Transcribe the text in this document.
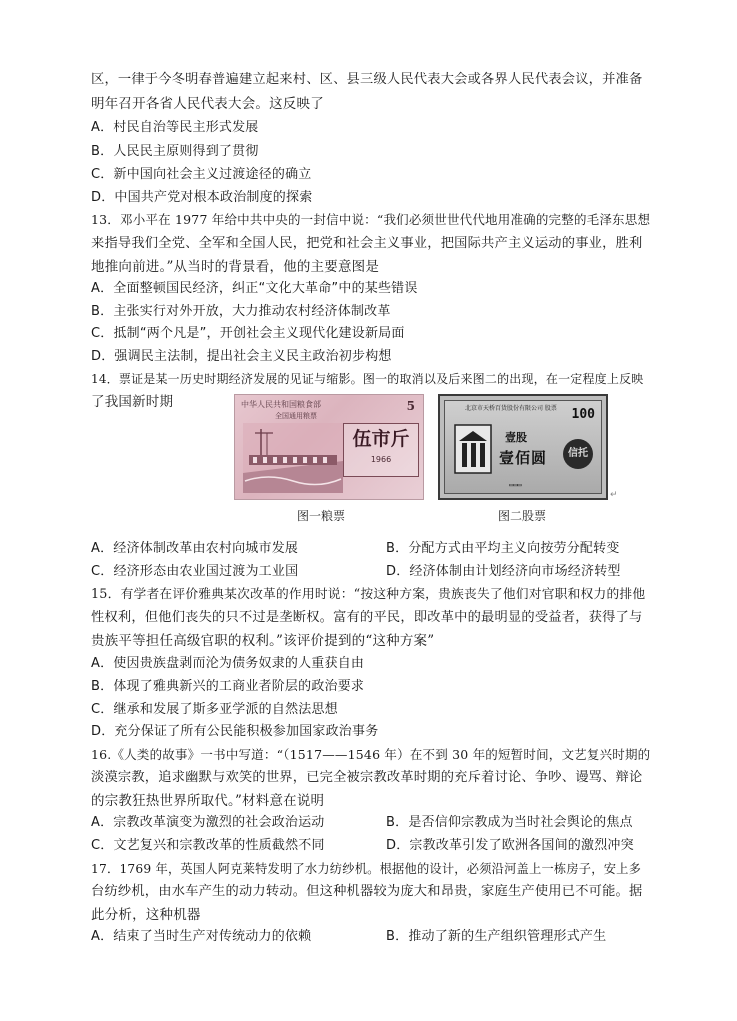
区，一律于今冬明春普遍建立起来村、区、县三级人民代表大会或各界人民代表会议，并准备
明年召开各省人民代表大会。这反映了
A．村民自治等民主形式发展
B．人民民主原则得到了贯彻
C．新中国向社会主义过渡途径的确立
D．中国共产党对根本政治制度的探索
13．邓小平在 1977 年给中共中央的一封信中说：“我们必须世世代代地用准确的完整的毛泽东思想
来指导我们全党、全军和全国人民，把党和社会主义事业，把国际共产主义运动的事业，胜利
地推向前进。”从当时的背景看，他的主要意图是
A．全面整顿国民经济，纠正“文化大革命”中的某些错误
B．主张实行对外开放，大力推动农村经济体制改革
C．抵制“两个凡是”，开创社会主义现代化建设新局面
D．强调民主法制，提出社会主义民主政治初步构想
14．票证是某一历史时期经济发展的见证与缩影。图一的取消以及后来图二的出现，在一定程度上反映
了我国新时期	中华人民共和国粮食部
全国通用粮票
5
伍市斤
1966
北京市天桥百货股份有限公司 股票 100
壹股
壹佰圆	信托
▭▭▭
图一粮票	图二股票
↵
A．经济体制改革由农村向城市发展	B．分配方式由平均主义向按劳分配转变
C．经济形态由农业国过渡为工业国	D．经济体制由计划经济向市场经济转型
15．有学者在评价雅典某次改革的作用时说：“按这种方案，贵族丧失了他们对官职和权力的排他
性权利，但他们丧失的只不过是垄断权。富有的平民，即改革中的最明显的受益者，获得了与
贵族平等担任高级官职的权利。”该评价提到的“这种方案”
A．使因贵族盘剥而沦为债务奴隶的人重获自由
B．体现了雅典新兴的工商业者阶层的政治要求
C．继承和发展了斯多亚学派的自然法思想
D．充分保证了所有公民能积极参加国家政治事务
16.《人类的故事》一书中写道：“（1517——1546 年）在不到 30 年的短暂时间，文艺复兴时期的
淡漠宗教，追求幽默与欢笑的世界，已完全被宗教改革时期的充斥着讨论、争吵、谩骂、辩论
的宗教狂热世界所取代。”材料意在说明
A．宗教改革演变为激烈的社会政治运动	B．是否信仰宗教成为当时社会舆论的焦点
C．文艺复兴和宗教改革的性质截然不同	D．宗教改革引发了欧洲各国间的激烈冲突
17．1769 年，英国人阿克莱特发明了水力纺纱机。根据他的设计，必须沿河盖上一栋房子，安上多
台纺纱机，由水车产生的动力转动。但这种机器较为庞大和昂贵，家庭生产使用已不可能。据
此分析，这种机器
A．结束了当时生产对传统动力的依赖	B．推动了新的生产组织管理形式产生
